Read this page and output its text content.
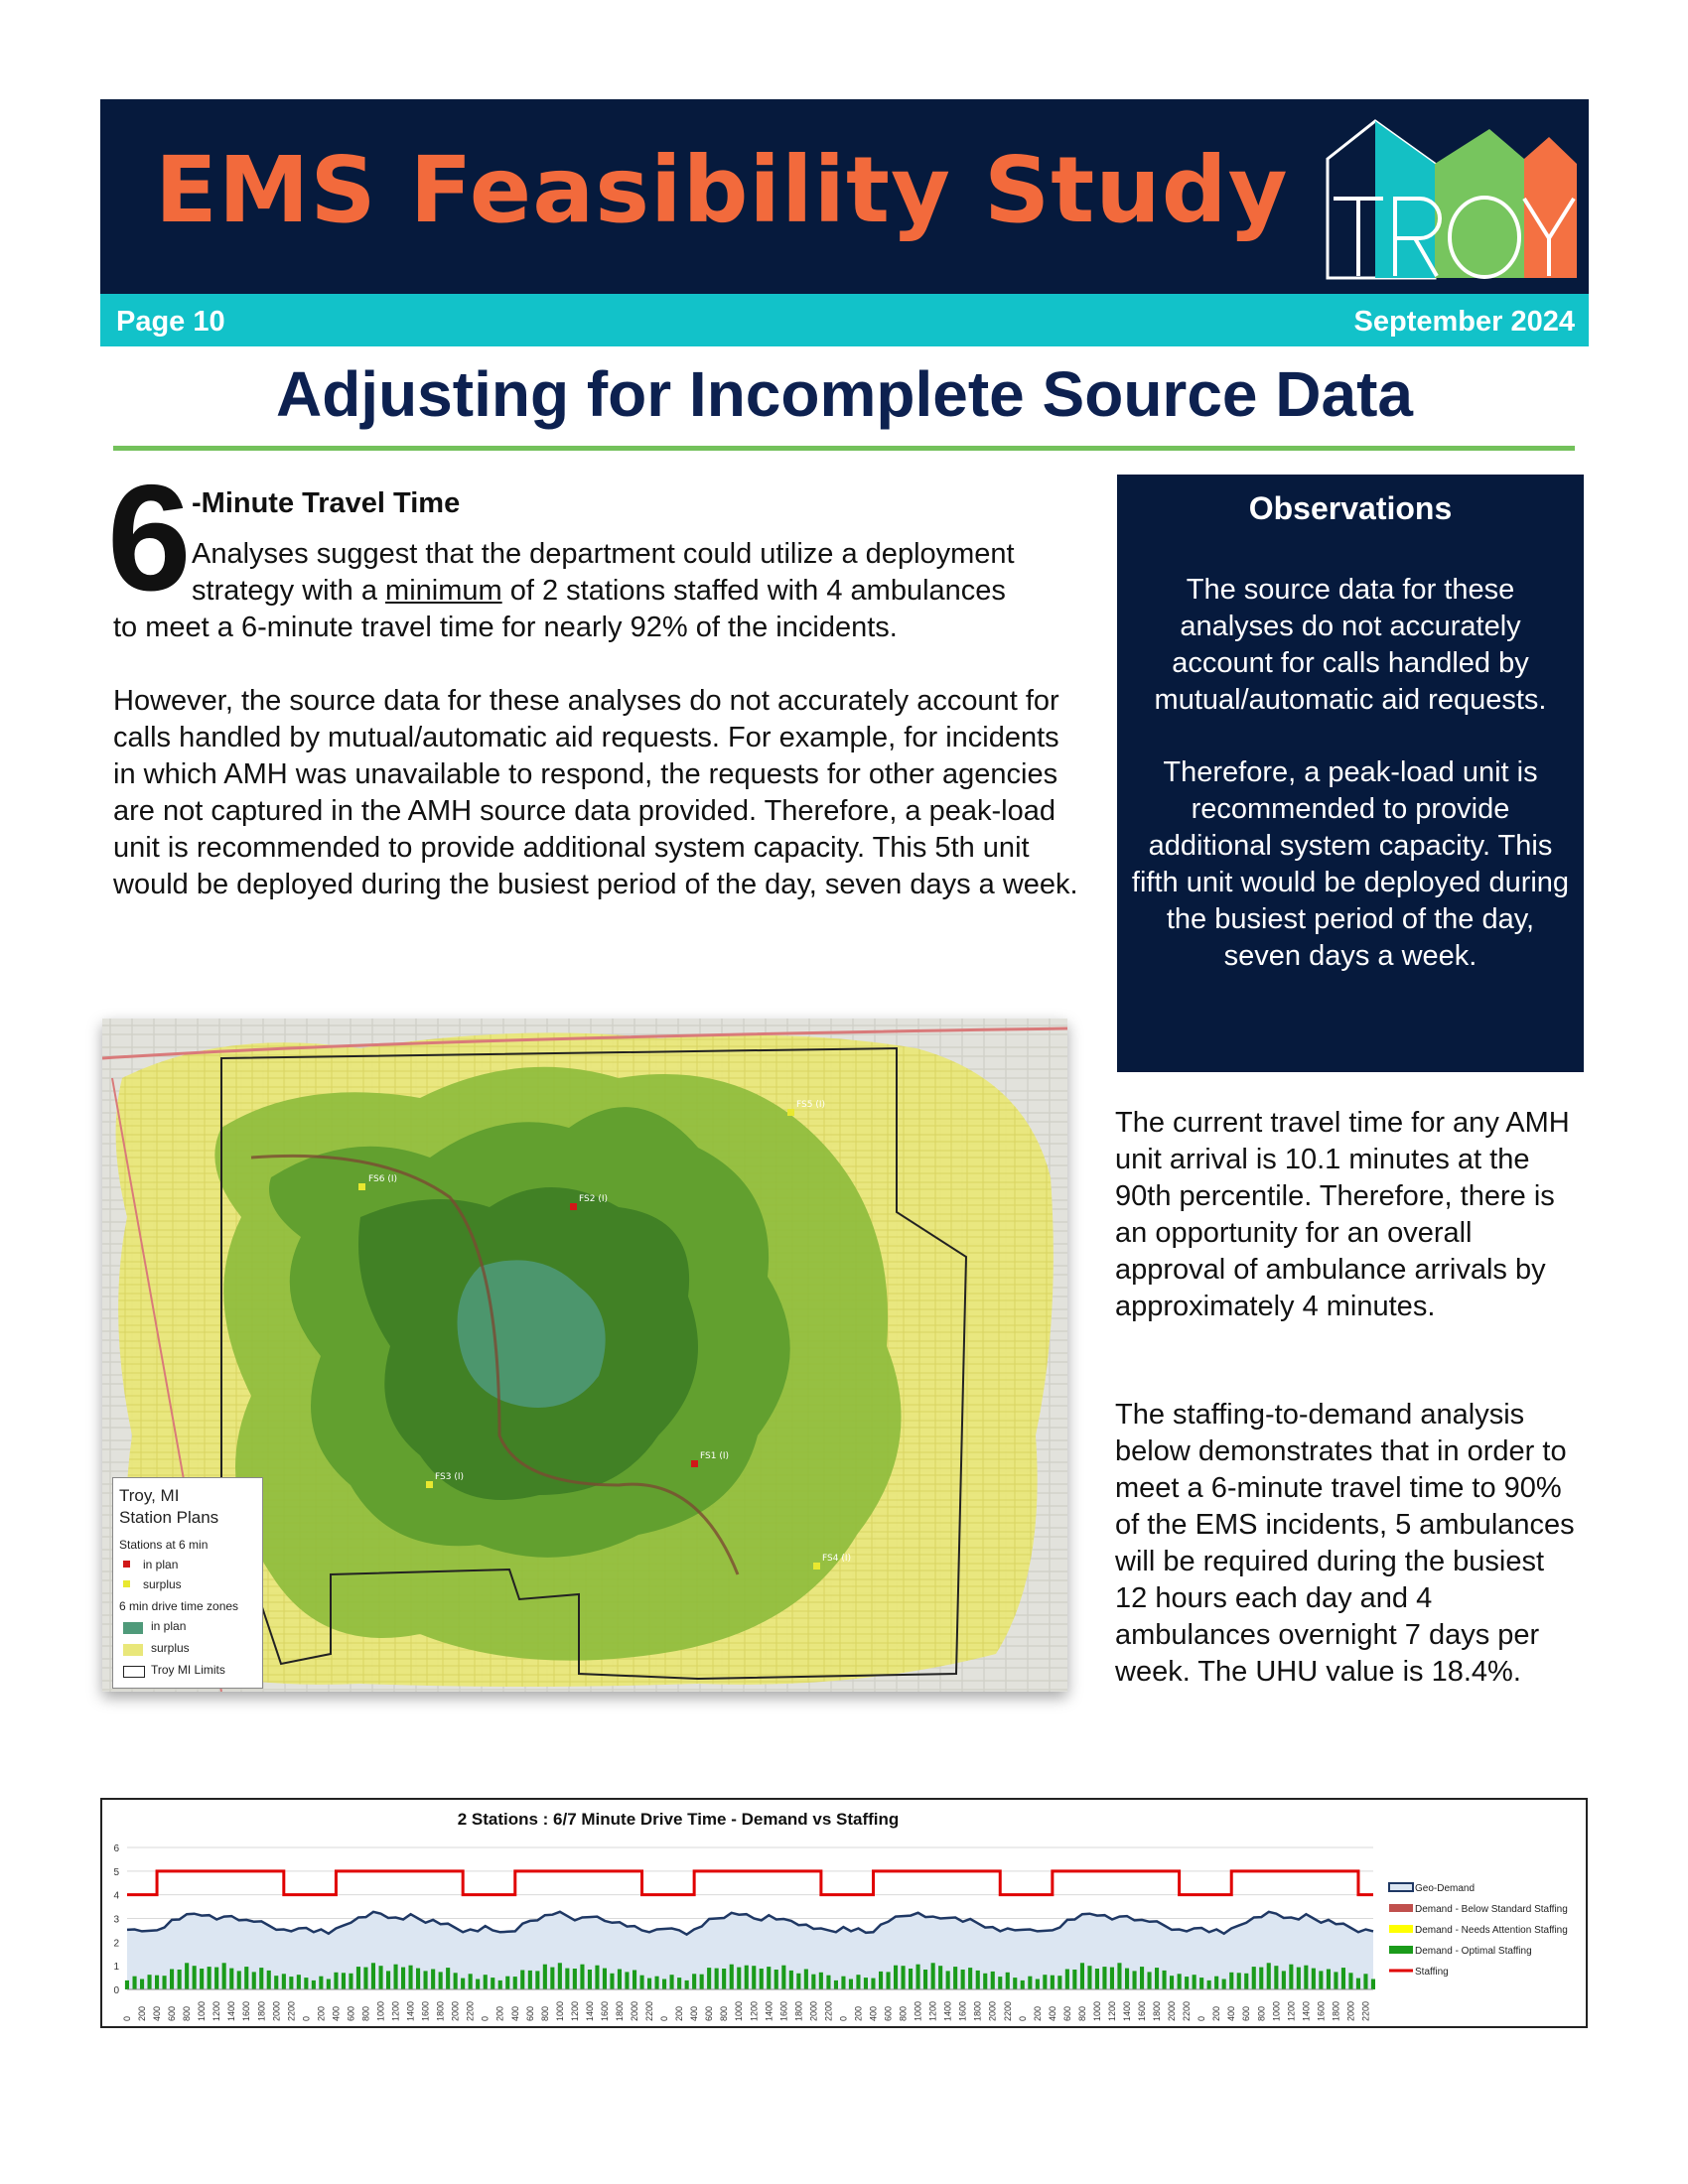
EMS Feasibility Study
Page 10	September 2024
Adjusting for Incomplete Source Data
6 -Minute Travel Time
Analyses suggest that the department could utilize a deployment strategy with a minimum of 2 stations staffed with 4 ambulances
to meet a 6-minute travel time for nearly 92% of the incidents.
However, the source data for these analyses do not accurately account for calls handled by mutual/automatic aid requests. For example, for incidents in which AMH was unavailable to respond, the requests for other agencies are not captured in the AMH source data provided. Therefore, a peak-load unit is recommended to provide additional system capacity. This 5th unit would be deployed during the busiest period of the day, seven days a week.
Observations
The source data for these analyses do not accurately account for calls handled by mutual/automatic aid requests.
Therefore, a peak-load unit is recommended to provide additional system capacity. This fifth unit would be deployed during the busiest period of the day, seven days a week.
The current travel time for any AMH unit arrival is 10.1 minutes at the 90th percentile. Therefore, there is an opportunity for an overall approval of ambulance arrivals by approximately 4 minutes.
The staffing-to-demand analysis below demonstrates that in order to meet a 6-minute travel time to 90% of the EMS incidents, 5 ambulances will be required during the busiest 12 hours each day and 4 ambulances overnight 7 days per week. The UHU value is 18.4%.
FS6 (I)
FS2 (I)
FS5 (I)
FS3 (I)
FS1 (I)
FS4 (I)
Troy, MI
Station Plans
Stations at 6 min
in plan
surplus
6 min drive time zones
in plan
surplus
Troy MI Limits
2 Stations : 6/7 Minute Drive Time - Demand vs Staffing
0
1
2
3
4
5
6
0 200 400 600 800 1000 1200 1400 1600 1800 2000 2200 0 200 400 600 800 1000 1200 1400 1600 1800 2000 2200 0 200 400 600 800 1000 1200 1400 1600 1800 2000 2200 0 200 400 600 800 1000 1200 1400 1600 1800 2000 2200 0 200 400 600 800 1000 1200 1400 1600 1800 2000 2200 0 200 400 600 800 1000 1200 1400 1600 1800 2000 2200 0 200 400 600 800 1000 1200 1400 1600 1800 2000 2200
Geo-Demand
Demand - Below Standard Staffing
Demand - Needs Attention Staffing
Demand - Optimal Staffing
Staffing
